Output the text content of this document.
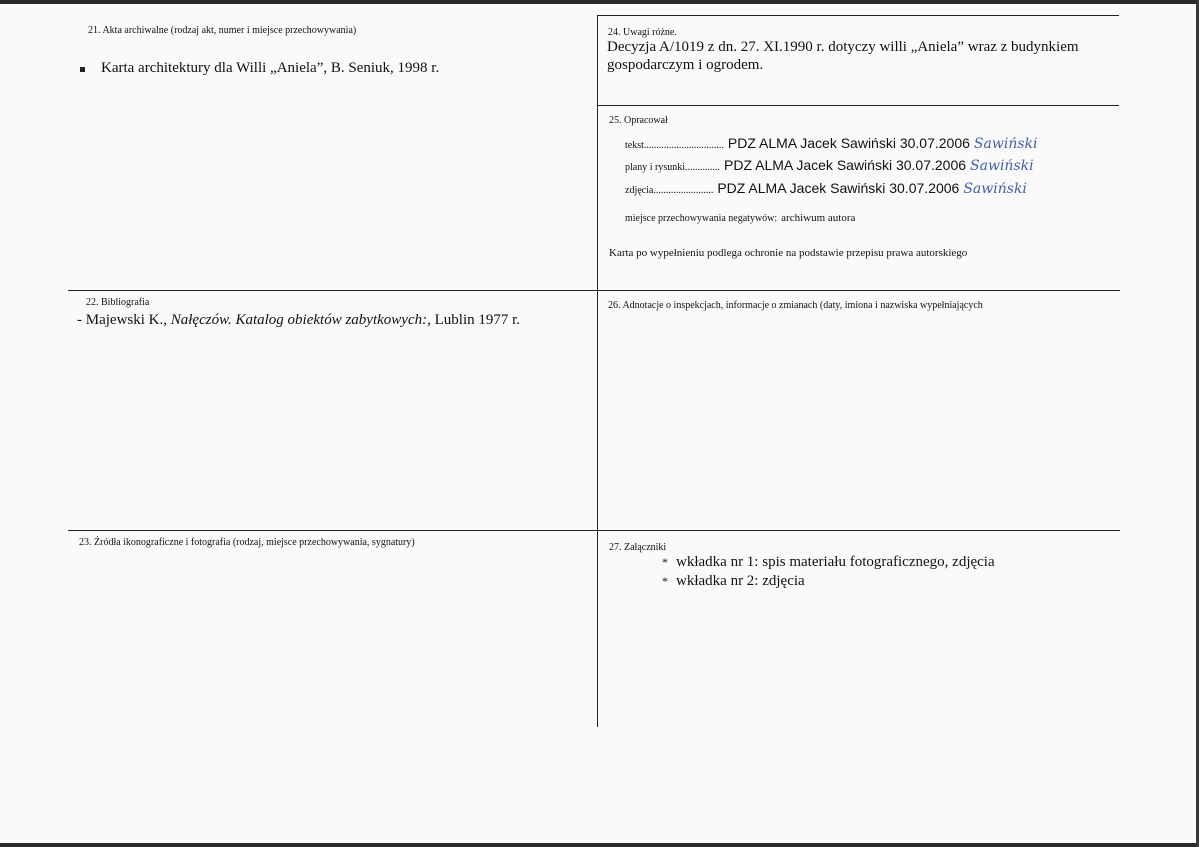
21. Akta archiwalne (rodzaj akt, numer i miejsce przechowywania)
Karta architektury dla Willi „Aniela”, B. Seniuk, 1998 r.
22. Bibliografia
- Majewski K., Nałęczów. Katalog obiektów zabytkowych:, Lublin 1977 r.
23. Źródła ikonograficzne i fotografia (rodzaj, miejsce przechowywania, sygnatury)
24. Uwagi różne.
Decyzja A/1019 z dn. 27. XI.1990 r. dotyczy willi „Aniela” wraz z budynkiem
gospodarczym i ogrodem.
25. Opracował
tekst................................ PDZ ALMA Jacek Sawiński 30.07.2006 Sawiński
plany i rysunki.............. PDZ ALMA Jacek Sawiński 30.07.2006 Sawiński
zdjęcia........................ PDZ ALMA Jacek Sawiński 30.07.2006 Sawiński
miejsce przechowywania negatywów: archiwum autora
Karta po wypełnieniu podlega ochronie na podstawie przepisu prawa autorskiego
26. Adnotacje o inspekcjach, informacje o zmianach (daty, imiona i nazwiska wypełniających
27. Załączniki
* wkładka nr 1: spis materiału fotograficznego, zdjęcia
* wkładka nr 2: zdjęcia
